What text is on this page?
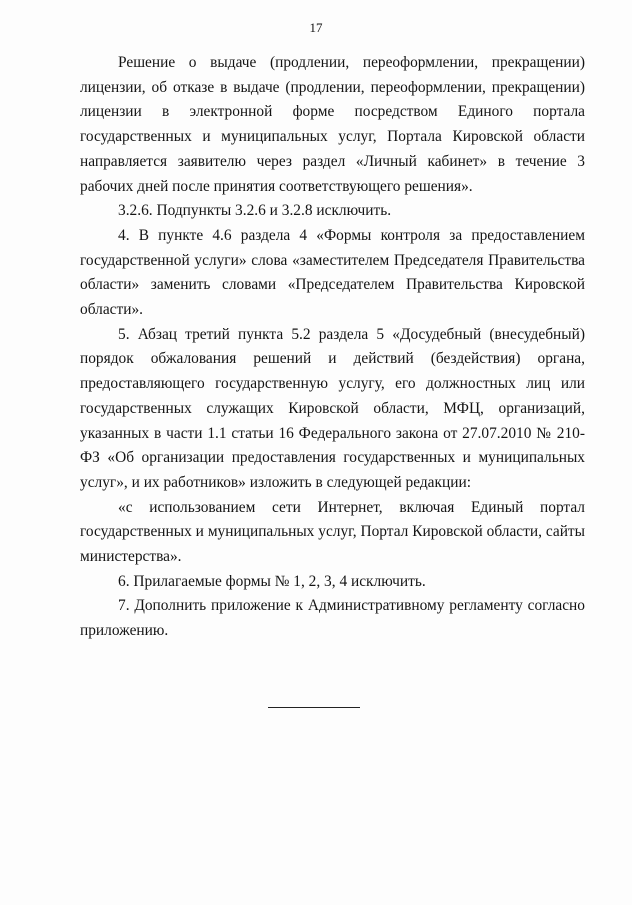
17

Решение о выдаче (продлении, переоформлении, прекращении) лицензии, об отказе в выдаче (продлении, переоформлении, прекращении) лицензии в электронной форме посредством Единого портала государственных и муниципальных услуг, Портала Кировской области направляется заявителю через раздел «Личный кабинет» в течение 3 рабочих дней после принятия соответствующего решения».

3.2.6. Подпункты 3.2.6 и 3.2.8 исключить.

4. В пункте 4.6 раздела 4 «Формы контроля за предоставлением государственной услуги» слова «заместителем Председателя Правительства области» заменить словами «Председателем Правительства Кировской области».

5. Абзац третий пункта 5.2 раздела 5 «Досудебный (внесудебный) порядок обжалования решений и действий (бездействия) органа, предоставляющего государственную услугу, его должностных лиц или государственных служащих Кировской области, МФЦ, организаций, указанных в части 1.1 статьи 16 Федерального закона от 27.07.2010 № 210-ФЗ «Об организации предоставления государственных и муниципальных услуг», и их работников» изложить в следующей редакции:

«с использованием сети Интернет, включая Единый портал государственных и муниципальных услуг, Портал Кировской области, сайты министерства».

6. Прилагаемые формы № 1, 2, 3, 4 исключить.

7. Дополнить приложение к Административному регламенту согласно приложению.
